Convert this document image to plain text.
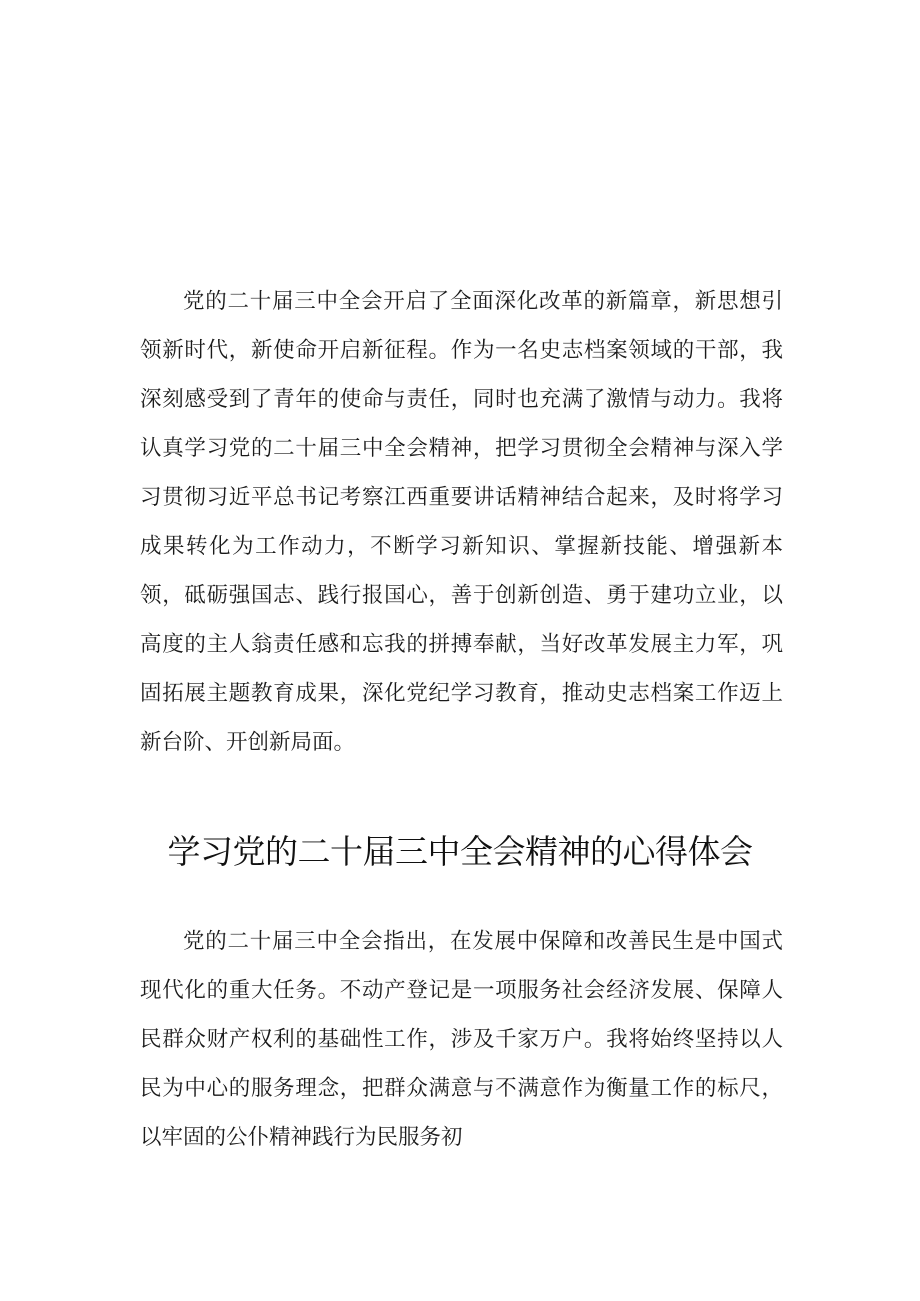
党的二十届三中全会开启了全面深化改革的新篇章，新思想引领新时代，新使命开启新征程。作为一名史志档案领域的干部，我深刻感受到了青年的使命与责任，同时也充满了激情与动力。我将认真学习党的二十届三中全会精神，把学习贯彻全会精神与深入学习贯彻习近平总书记考察江西重要讲话精神结合起来，及时将学习成果转化为工作动力，不断学习新知识、掌握新技能、增强新本领，砥砺强国志、践行报国心，善于创新创造、勇于建功立业，以高度的主人翁责任感和忘我的拼搏奉献，当好改革发展主力军，巩固拓展主题教育成果，深化党纪学习教育，推动史志档案工作迈上新台阶、开创新局面。

学习党的二十届三中全会精神的心得体会

党的二十届三中全会指出，在发展中保障和改善民生是中国式现代化的重大任务。不动产登记是一项服务社会经济发展、保障人民群众财产权利的基础性工作，涉及千家万户。我将始终坚持以人民为中心的服务理念，把群众满意与不满意作为衡量工作的标尺，以牢固的公仆精神践行为民服务初
